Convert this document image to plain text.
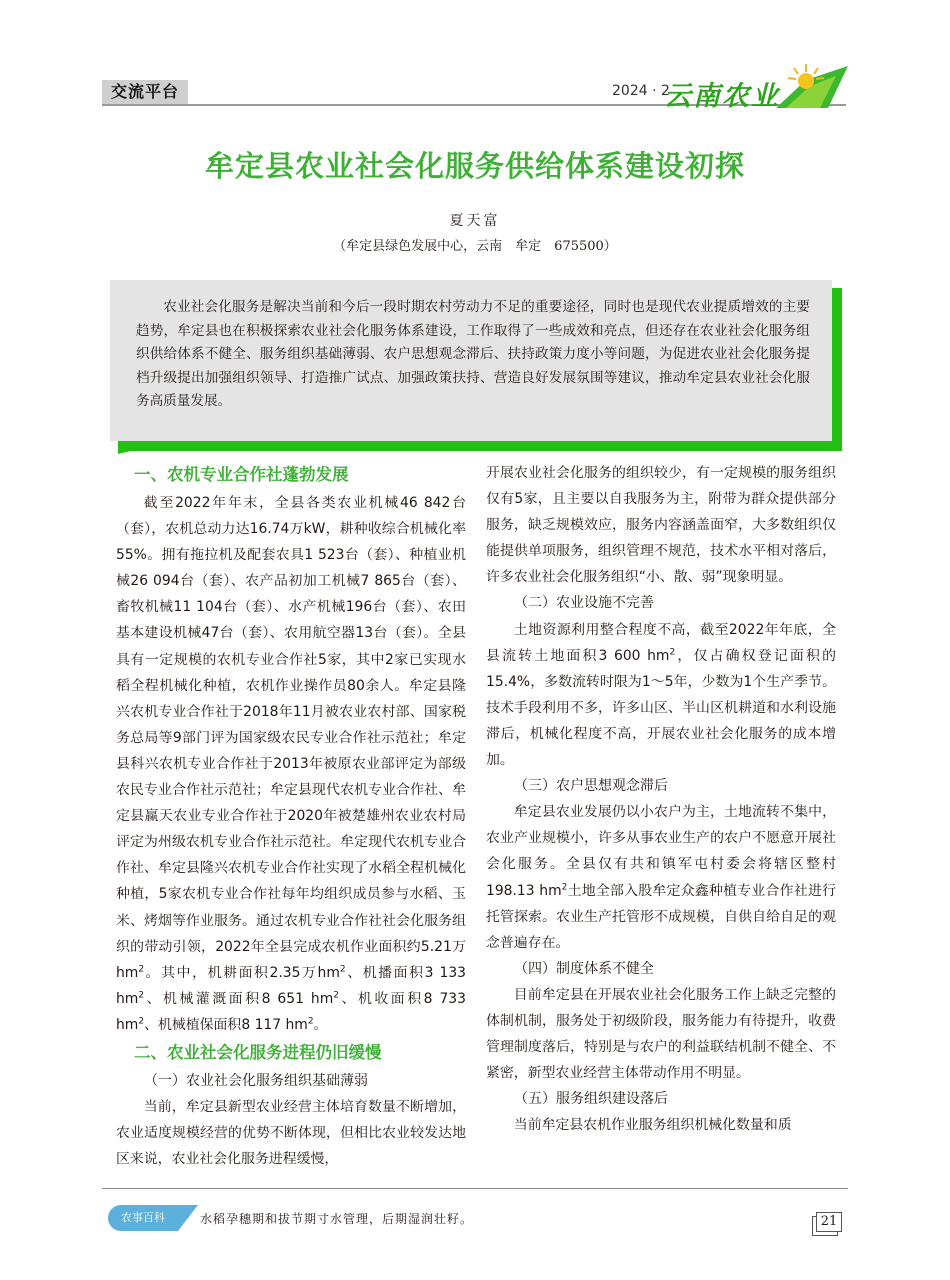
交流平台	2024 · 2
云南农业
牟定县农业社会化服务供给体系建设初探
夏天富
（牟定县绿色发展中心，云南　牟定　675500）

农业社会化服务是解决当前和今后一段时期农村劳动力不足的重要途径，同时也是现代农业提质增效的主要趋势，牟定县也在积极探索农业社会化服务体系建设，工作取得了一些成效和亮点，但还存在农业社会化服务组织供给体系不健全、服务组织基础薄弱、农户思想观念滞后、扶持政策力度小等问题，为促进农业社会化服务提档升级提出加强组织领导、打造推广试点、加强政策扶持、营造良好发展氛围等建议，推动牟定县农业社会化服务高质量发展。

一、农机专业合作社蓬勃发展

截至2022年年末，全县各类农业机械46 842台（套），农机总动力达16.74万kW，耕种收综合机械化率55%。拥有拖拉机及配套农具1 523台（套）、种植业机械26 094台（套）、农产品初加工机械7 865台（套）、畜牧机械11 104台（套）、水产机械196台（套）、农田基本建设机械47台（套）、农用航空器13台（套）。全县具有一定规模的农机专业合作社5家，其中2家已实现水稻全程机械化种植，农机作业操作员80余人。牟定县隆兴农机专业合作社于2018年11月被农业农村部、国家税务总局等9部门评为国家级农民专业合作社示范社；牟定县科兴农机专业合作社于2013年被原农业部评定为部级农民专业合作社示范社；牟定县现代农机专业合作社、牟定县赢天农业专业合作社于2020年被楚雄州农业农村局评定为州级农机专业合作社示范社。牟定现代农机专业合作社、牟定县隆兴农机专业合作社实现了水稻全程机械化种植，5家农机专业合作社每年均组织成员参与水稻、玉米、烤烟等作业服务。通过农机专业合作社社会化服务组织的带动引领，2022年全县完成农机作业面积约5.21万$hm^2$。其中，机耕面积2.35万$hm^2$、机播面积3 133 $hm^2$、机械灌溉面积8 651 $hm^2$、机收面积8 733 $hm^2$、机械植保面积8 117 $hm^2$。

二、农业社会化服务进程仍旧缓慢
（一）农业社会化服务组织基础薄弱

当前，牟定县新型农业经营主体培育数量不断增加，农业适度规模经营的优势不断体现，但相比农业较发达地区来说，农业社会化服务进程缓慢，

开展农业社会化服务的组织较少，有一定规模的服务组织仅有5家，且主要以自我服务为主，附带为群众提供部分服务，缺乏规模效应，服务内容涵盖面窄，大多数组织仅能提供单项服务，组织管理不规范，技术水平相对落后，许多农业社会化服务组织“小、散、弱”现象明显。

（二）农业设施不完善

土地资源利用整合程度不高，截至2022年年底，全县流转土地面积3 600 $hm^2$，仅占确权登记面积的15.4%，多数流转时限为1～5年，少数为1个生产季节。技术手段利用不多，许多山区、半山区机耕道和水利设施滞后，机械化程度不高，开展农业社会化服务的成本增加。

（三）农户思想观念滞后

牟定县农业发展仍以小农户为主，土地流转不集中，农业产业规模小，许多从事农业生产的农户不愿意开展社会化服务。全县仅有共和镇军屯村委会将辖区整村198.13 $hm^2$土地全部入股牟定众鑫种植专业合作社进行托管探索。农业生产托管形不成规模，自供自给自足的观念普遍存在。

（四）制度体系不健全

目前牟定县在开展农业社会化服务工作上缺乏完整的体制机制，服务处于初级阶段，服务能力有待提升，收费管理制度落后，特别是与农户的利益联结机制不健全、不紧密，新型农业经营主体带动作用不明显。

（五）服务组织建设落后

当前牟定县农机作业服务组织机械化数量和质

农事百科	水稻孕穗期和拔节期寸水管理，后期湿润壮籽。	21
